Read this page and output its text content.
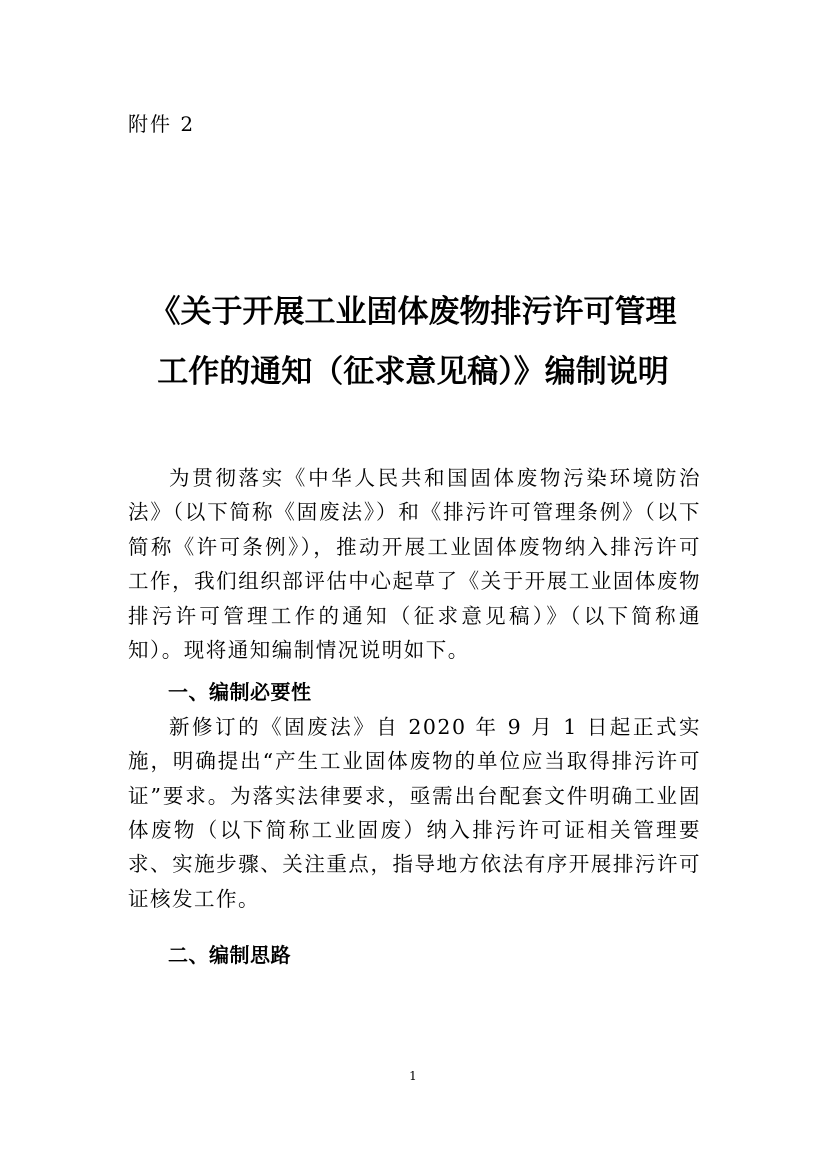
附件 2

《关于开展工业固体废物排污许可管理
工作的通知（征求意见稿）》编制说明

为贯彻落实《中华人民共和国固体废物污染环境防治法》（以下简称《固废法》）和《排污许可管理条例》（以下简称《许可条例》），推动开展工业固体废物纳入排污许可工作，我们组织部评估中心起草了《关于开展工业固体废物排污许可管理工作的通知（征求意见稿）》（以下简称通知）。现将通知编制情况说明如下。

一、编制必要性

新修订的《固废法》自 2020 年 9 月 1 日起正式实施，明确提出“产生工业固体废物的单位应当取得排污许可证”要求。为落实法律要求，亟需出台配套文件明确工业固体废物（以下简称工业固废）纳入排污许可证相关管理要求、实施步骤、关注重点，指导地方依法有序开展排污许可证核发工作。

二、编制思路

1
